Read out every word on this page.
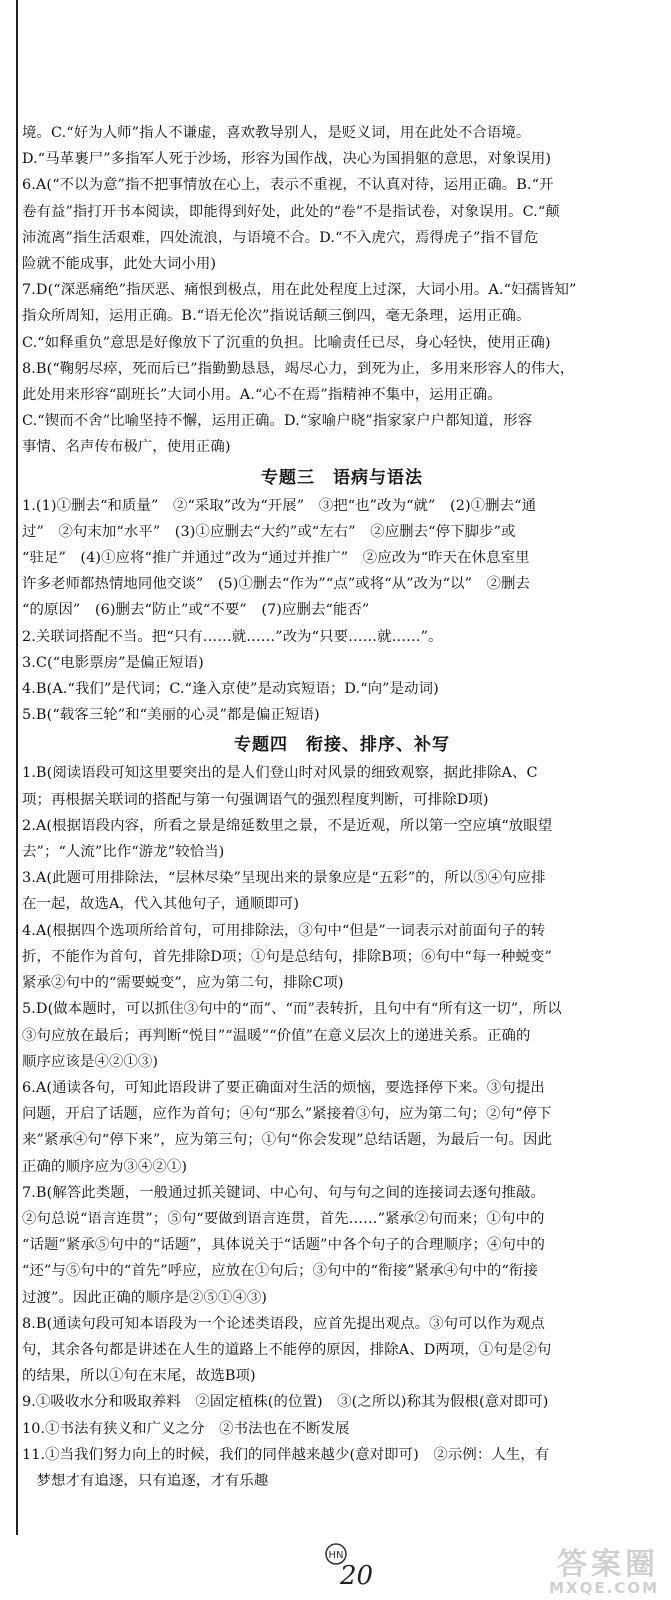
境。C.“好为人师”指人不谦虚，喜欢教导别人，是贬义词，用在此处不合语境。
D.“马革裹尸”多指军人死于沙场，形容为国作战，决心为国捐躯的意思，对象误用)
6.A(“不以为意”指不把事情放在心上，表示不重视，不认真对待，运用正确。B.“开
卷有益”指打开书本阅读，即能得到好处，此处的“卷”不是指试卷，对象误用。C.“颠
沛流离”指生活艰难，四处流浪，与语境不合。D.“不入虎穴，焉得虎子”指不冒危
险就不能成事，此处大词小用)
7.D(“深恶痛绝”指厌恶、痛恨到极点，用在此处程度上过深，大词小用。A.“妇孺皆知”
指众所周知，运用正确。B.“语无伦次”指说话颠三倒四，毫无条理，运用正确。
C.“如释重负”意思是好像放下了沉重的负担。比喻责任已尽，身心轻快，使用正确)
8.B(“鞠躬尽瘁，死而后已”指勤勤恳恳，竭尽心力，到死为止，多用来形容人的伟大，
此处用来形容“副班长”大词小用。A.“心不在焉”指精神不集中，运用正确。
C.“锲而不舍”比喻坚持不懈，运用正确。D.“家喻户晓”指家家户户都知道，形容
事情、名声传布极广，使用正确)
专题三　语病与语法
1.(1)①删去“和质量”　②“采取”改为“开展”　③把“也”改为“就”　(2)①删去“通
过”　②句末加“水平”　(3)①应删去“大约”或“左右”　②应删去“停下脚步”或
“驻足”　(4)①应将“推广并通过”改为“通过并推广”　②应改为“昨天在休息室里
许多老师都热情地同他交谈”　(5)①删去“作为”“点”或将“从”改为“以”　②删去
“的原因”　(6)删去“防止”或“不要”　(7)应删去“能否”
2.关联词搭配不当。把“只有……就……”改为“只要……就……”。
3.C(“电影票房”是偏正短语)
4.B(A.“我们”是代词；C.“逢入京使”是动宾短语；D.“向”是动词)
5.B(“载客三轮”和“美丽的心灵”都是偏正短语)
专题四　衔接、排序、补写
1.B(阅读语段可知这里要突出的是人们登山时对风景的细致观察，据此排除A、C
项；再根据关联词的搭配与第一句强调语气的强烈程度判断，可排除D项)
2.A(根据语段内容，所看之景是绵延数里之景，不是近观，所以第一空应填“放眼望
去”；“人流”比作“游龙”较恰当)
3.A(此题可用排除法，“层林尽染”呈现出来的景象应是“五彩”的，所以⑤④句应排
在一起，故选A，代入其他句子，通顺即可)
4.A(根据四个选项所给首句，可用排除法，③句中“但是”一词表示对前面句子的转
折，不能作为首句，首先排除D项；①句是总结句，排除B项；⑥句中“每一种蜕变”
紧承②句中的“需要蜕变”，应为第二句，排除C项)
5.D(做本题时，可以抓住③句中的“而”、“而”表转折，且句中有“所有这一切”，所以
③句应放在最后；再判断“悦目”“温暖”“价值”在意义层次上的递进关系。正确的
顺序应该是④②①③)
6.A(通读各句，可知此语段讲了要正确面对生活的烦恼，要选择停下来。③句提出
问题，开启了话题，应作为首句；④句“那么”紧接着③句，应为第二句；②句“停下
来”紧承④句“停下来”，应为第三句；①句“你会发现”总结话题，为最后一句。因此
正确的顺序应为③④②①)
7.B(解答此类题，一般通过抓关键词、中心句、句与句之间的连接词去逐句推敲。
②句总说“语言连贯”；⑤句“要做到语言连贯，首先……”紧承②句而来；①句中的
“话题”紧承⑤句中的“话题”，具体说关于“话题”中各个句子的合理顺序；④句中的
“还”与⑤句中的“首先”呼应，应放在①句后；③句中的“衔接”紧承④句中的“衔接
过渡”。因此正确的顺序是②⑤①④③)
8.B(通读句段可知本语段为一个论述类语段，应首先提出观点。③句可以作为观点
句，其余各句都是讲述在人生的道路上不能停的原因，排除A、D两项，①句是②句
的结果，所以①句在末尾，故选B项)
9.①吸收水分和吸取养料　②固定植株(的位置)　③(之所以)称其为假根(意对即可)
10.①书法有狭义和广义之分　②书法也在不断发展
11.①当我们努力向上的时候，我们的同伴越来越少(意对即可)　②示例：人生，有
　梦想才有追逐，只有追逐，才有乐趣
HN
20	答案圈
MXQE.COM
